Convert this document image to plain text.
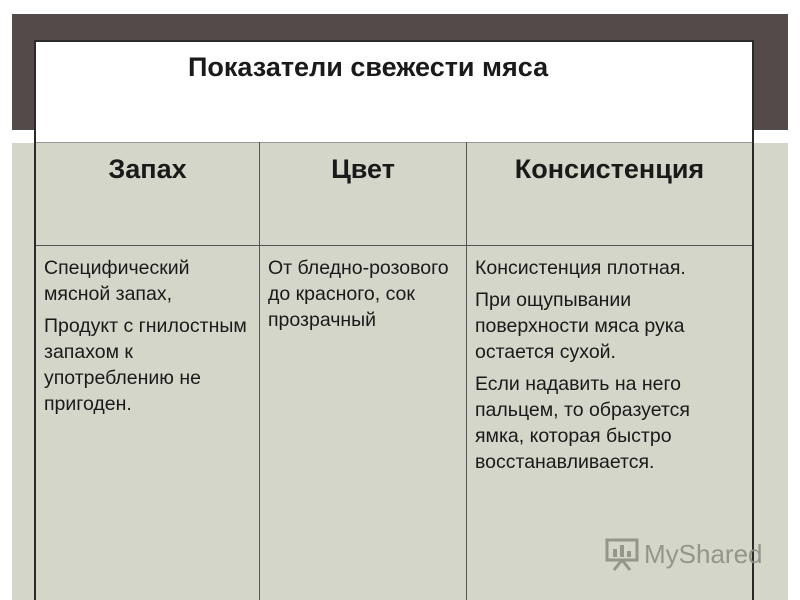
Показатели свежести мяса
Запах

Специфический мясной запах,

Продукт с гнилостным запахом к употреблению не пригоден.

Цвет

От бледно-розового до красного, сок прозрачный

Консистенция

Консистенция плотная.

При ощупывании поверхности мяса рука остается сухой.

Если надавить на него пальцем, то образуется ямка, которая быстро восстанавливается.

MyShared
